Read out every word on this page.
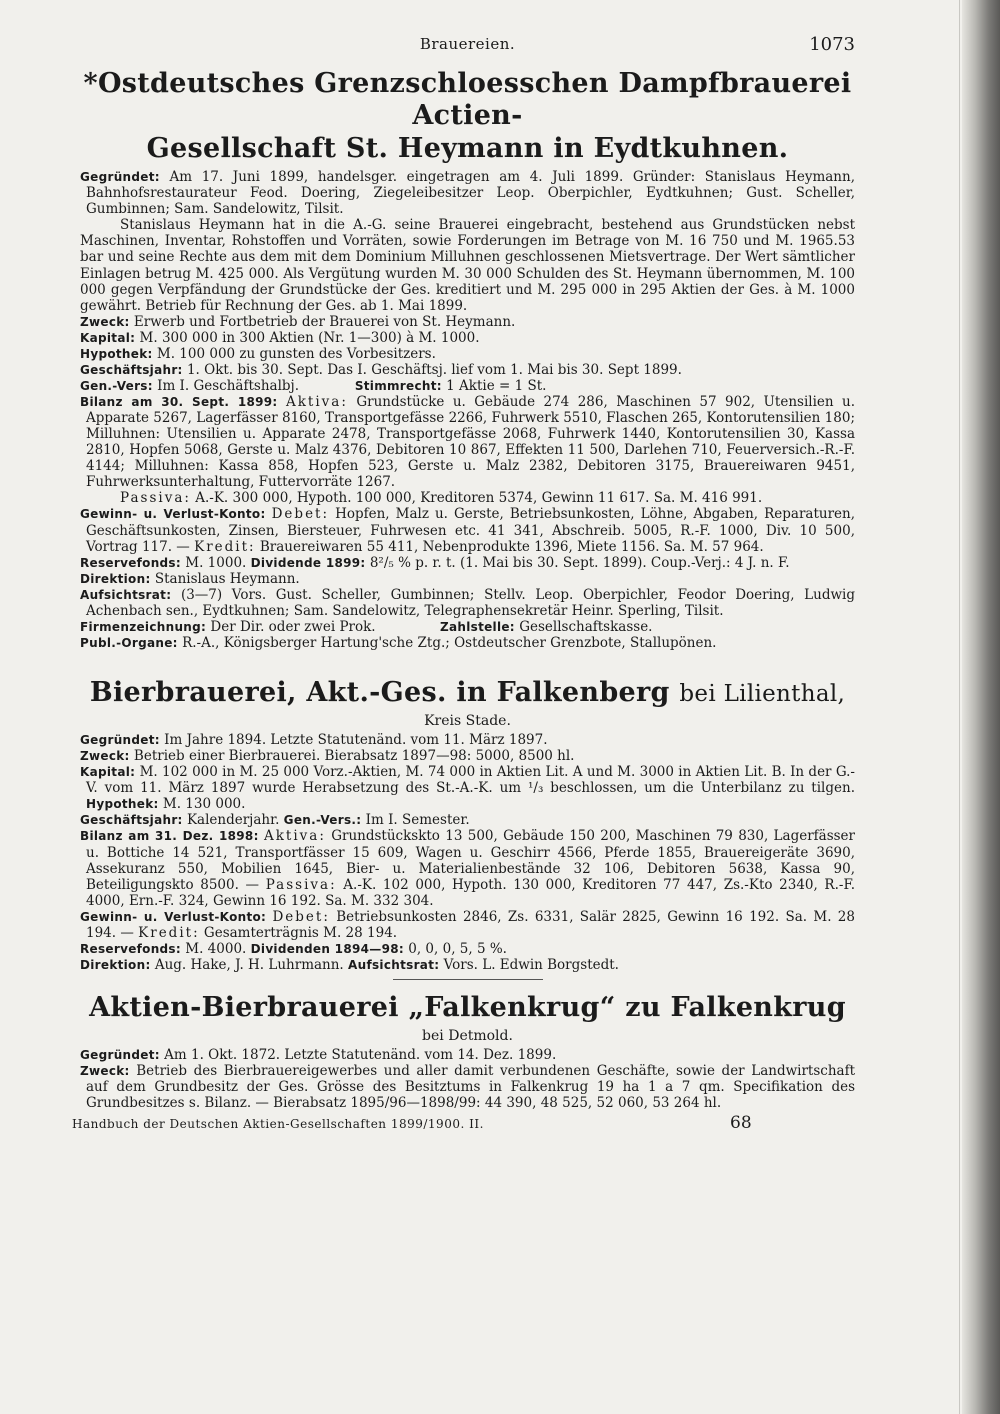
Brauereien.	1073
*Ostdeutsches Grenzschloesschen Dampfbrauerei Actien-
Gesellschaft St. Heymann in Eydtkuhnen.

Gegründet: Am 17. Juni 1899, handelsger. eingetragen am 4. Juli 1899. Gründer: Stanislaus Heymann, Bahnhofsrestaurateur Feod. Doering, Ziegeleibesitzer Leop. Oberpichler, Eydtkuhnen; Gust. Scheller, Gumbinnen; Sam. Sandelowitz, Tilsit.

Stanislaus Heymann hat in die A.-G. seine Brauerei eingebracht, bestehend aus Grundstücken nebst Maschinen, Inventar, Rohstoffen und Vorräten, sowie Forderungen im Betrage von M. 16 750 und M. 1965.53 bar und seine Rechte aus dem mit dem Dominium Milluhnen geschlossenen Mietsvertrage. Der Wert sämtlicher Einlagen betrug M. 425 000. Als Vergütung wurden M. 30 000 Schulden des St. Heymann übernommen, M. 100 000 gegen Verpfändung der Grundstücke der Ges. kreditiert und M. 295 000 in 295 Aktien der Ges. à M. 1000 gewährt. Betrieb für Rechnung der Ges. ab 1. Mai 1899.

Zweck: Erwerb und Fortbetrieb der Brauerei von St. Heymann.

Kapital: M. 300 000 in 300 Aktien (Nr. 1—300) à M. 1000.

Hypothek: M. 100 000 zu gunsten des Vorbesitzers.

Geschäftsjahr: 1. Okt. bis 30. Sept. Das I. Geschäftsj. lief vom 1. Mai bis 30. Sept 1899.

Gen.-Vers: Im I. Geschäftshalbj.	Stimmrecht: 1 Aktie = 1 St.

Bilanz am 30. Sept. 1899: Aktiva: Grundstücke u. Gebäude 274 286, Maschinen 57 902, Utensilien u. Apparate 5267, Lagerfässer 8160, Transportgefässe 2266, Fuhrwerk 5510, Flaschen 265, Kontorutensilien 180; Milluhnen: Utensilien u. Apparate 2478, Transportgefässe 2068, Fuhrwerk 1440, Kontorutensilien 30, Kassa 2810, Hopfen 5068, Gerste u. Malz 4376, Debitoren 10 867, Effekten 11 500, Darlehen 710, Feuerversich.-R.-F. 4144; Milluhnen: Kassa 858, Hopfen 523, Gerste u. Malz 2382, Debitoren 3175, Brauereiwaren 9451, Fuhrwerksunterhaltung, Futtervorräte 1267.

Passiva: A.-K. 300 000, Hypoth. 100 000, Kreditoren 5374, Gewinn 11 617. Sa. M. 416 991.

Gewinn- u. Verlust-Konto: Debet: Hopfen, Malz u. Gerste, Betriebsunkosten, Löhne, Abgaben, Reparaturen, Geschäftsunkosten, Zinsen, Biersteuer, Fuhrwesen etc. 41 341, Abschreib. 5005, R.-F. 1000, Div. 10 500, Vortrag 117. — Kredit: Brauereiwaren 55 411, Nebenprodukte 1396, Miete 1156. Sa. M. 57 964.

Reservefonds: M. 1000. Dividende 1899: 8²/₅ % p. r. t. (1. Mai bis 30. Sept. 1899). Coup.-Verj.: 4 J. n. F.

Direktion: Stanislaus Heymann.

Aufsichtsrat: (3—7) Vors. Gust. Scheller, Gumbinnen; Stellv. Leop. Oberpichler, Feodor Doering, Ludwig Achenbach sen., Eydtkuhnen; Sam. Sandelowitz, Telegraphensekretär Heinr. Sperling, Tilsit.

Firmenzeichnung: Der Dir. oder zwei Prok.	Zahlstelle: Gesellschaftskasse.

Publ.-Organe: R.-A., Königsberger Hartung'sche Ztg.; Ostdeutscher Grenzbote, Stallupönen.

Bierbrauerei, Akt.-Ges. in Falkenberg bei Lilienthal,
Kreis Stade.

Gegründet: Im Jahre 1894. Letzte Statutenänd. vom 11. März 1897.

Zweck: Betrieb einer Bierbrauerei. Bierabsatz 1897—98: 5000, 8500 hl.

Kapital: M. 102 000 in M. 25 000 Vorz.-Aktien, M. 74 000 in Aktien Lit. A und M. 3000 in Aktien Lit. B. In der G.-V. vom 11. März 1897 wurde Herabsetzung des St.-A.-K. um ¹/₃ beschlossen, um die Unterbilanz zu tilgen. Hypothek: M. 130 000.

Geschäftsjahr: Kalenderjahr. Gen.-Vers.: Im I. Semester.

Bilanz am 31. Dez. 1898: Aktiva: Grundstückskto 13 500, Gebäude 150 200, Maschinen 79 830, Lagerfässer u. Bottiche 14 521, Transportfässer 15 609, Wagen u. Geschirr 4566, Pferde 1855, Brauereigeräte 3690, Assekuranz 550, Mobilien 1645, Bier- u. Materialienbestände 32 106, Debitoren 5638, Kassa 90, Beteiligungskto 8500. — Passiva: A.-K. 102 000, Hypoth. 130 000, Kreditoren 77 447, Zs.-Kto 2340, R.-F. 4000, Ern.-F. 324, Gewinn 16 192. Sa. M. 332 304.

Gewinn- u. Verlust-Konto: Debet: Betriebsunkosten 2846, Zs. 6331, Salär 2825, Gewinn 16 192. Sa. M. 28 194. — Kredit: Gesamterträgnis M. 28 194.

Reservefonds: M. 4000. Dividenden 1894—98: 0, 0, 0, 5, 5 %.

Direktion: Aug. Hake, J. H. Luhrmann. Aufsichtsrat: Vors. L. Edwin Borgstedt.

Aktien-Bierbrauerei „Falkenkrug“ zu Falkenkrug
bei Detmold.

Gegründet: Am 1. Okt. 1872. Letzte Statutenänd. vom 14. Dez. 1899.

Zweck: Betrieb des Bierbrauereigewerbes und aller damit verbundenen Geschäfte, sowie der Landwirtschaft auf dem Grundbesitz der Ges. Grösse des Besitztums in Falkenkrug 19 ha 1 a 7 qm. Specifikation des Grundbesitzes s. Bilanz. — Bierabsatz 1895/96—1898/99: 44 390, 48 525, 52 060, 53 264 hl.

Handbuch der Deutschen Aktien-Gesellschaften 1899/1900. II.	68
